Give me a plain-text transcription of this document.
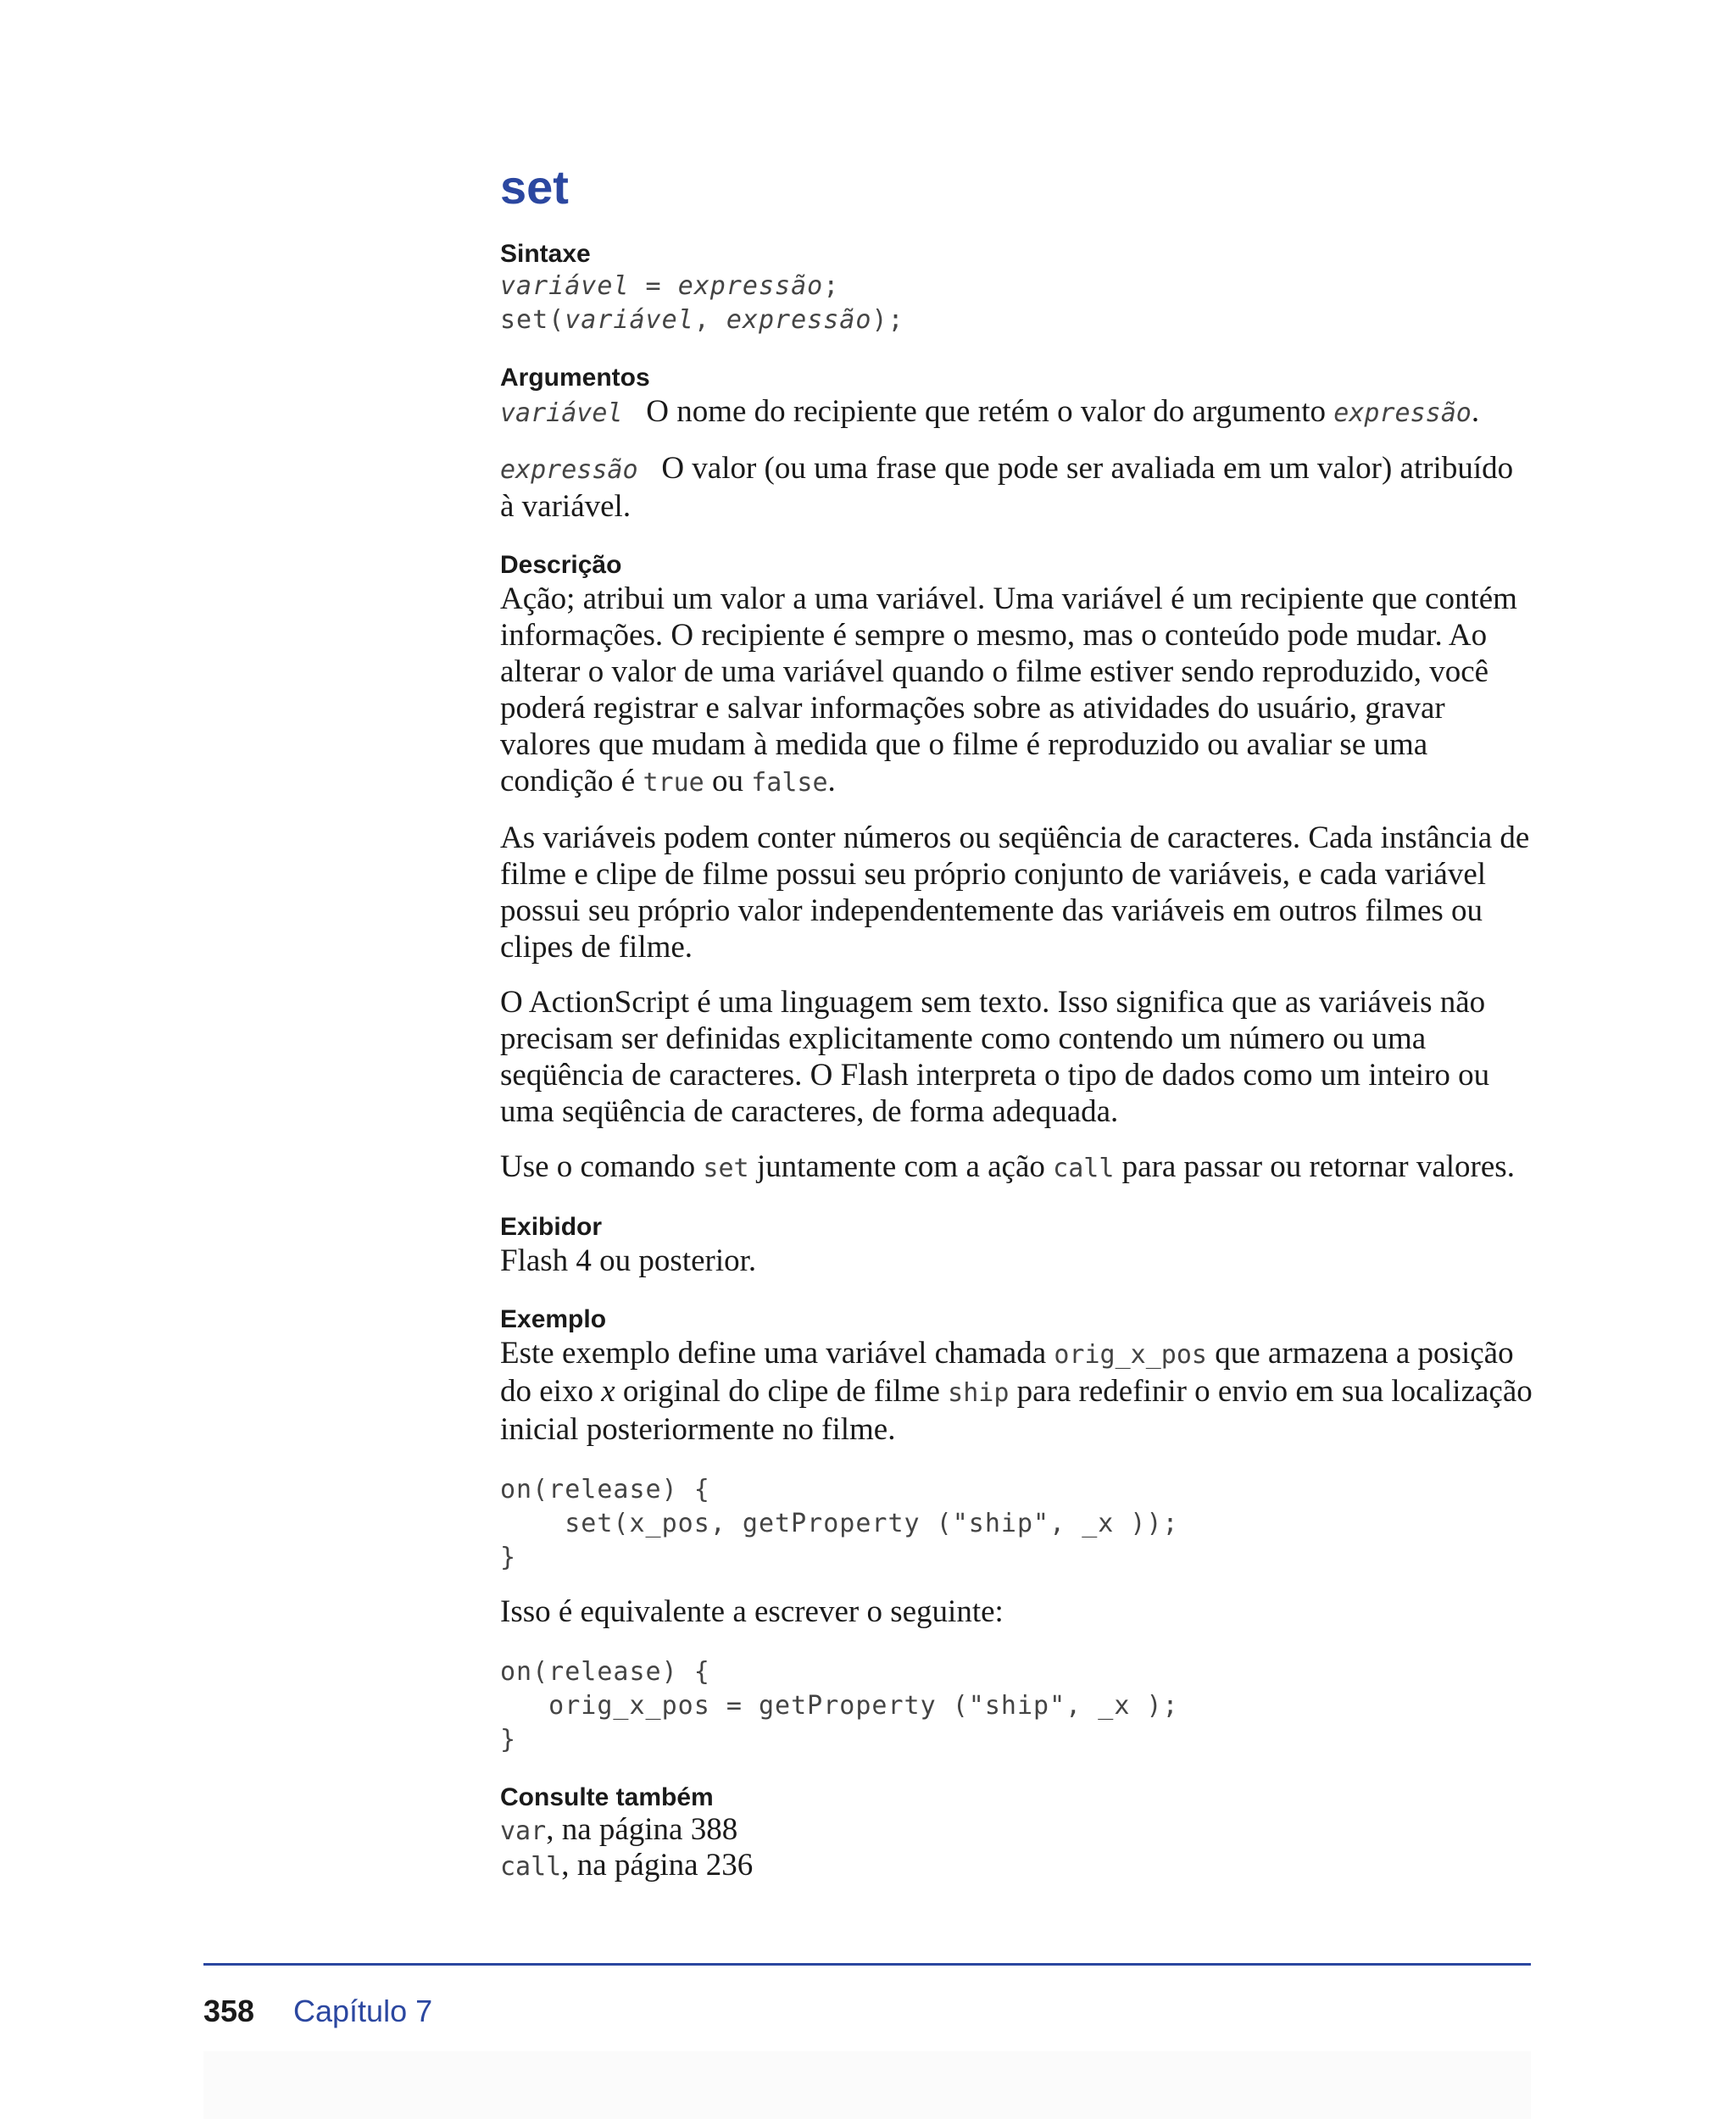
set
Sintaxe
variável = expressão;
set(variável, expressão);
Argumentos

variável O nome do recipiente que retém o valor do argumento expressão.

expressão O valor (ou uma frase que pode ser avaliada em um valor) atribuído à variável.

Descrição

Ação; atribui um valor a uma variável. Uma variável é um recipiente que contém informações. O recipiente é sempre o mesmo, mas o conteúdo pode mudar. Ao alterar o valor de uma variável quando o filme estiver sendo reproduzido, você poderá registrar e salvar informações sobre as atividades do usuário, gravar valores que mudam à medida que o filme é reproduzido ou avaliar se uma condição é true ou false.

As variáveis podem conter números ou seqüência de caracteres. Cada instância de filme e clipe de filme possui seu próprio conjunto de variáveis, e cada variável possui seu próprio valor independentemente das variáveis em outros filmes ou clipes de filme.

O ActionScript é uma linguagem sem texto. Isso significa que as variáveis não precisam ser definidas explicitamente como contendo um número ou uma seqüência de caracteres. O Flash interpreta o tipo de dados como um inteiro ou uma seqüência de caracteres, de forma adequada.

Use o comando set juntamente com a ação call para passar ou retornar valores.

Exibidor

Flash 4 ou posterior.

Exemplo

Este exemplo define uma variável chamada orig_x_pos que armazena a posição do eixo x original do clipe de filme ship para redefinir o envio em sua localização inicial posteriormente no filme.

on(release) {
set(x_pos, getProperty ("ship", _x ));
}

Isso é equivalente a escrever o seguinte:

on(release) {
orig_x_pos = getProperty ("ship", _x );
}
Consulte também
var, na página 388
call, na página 236
358 Capítulo 7
